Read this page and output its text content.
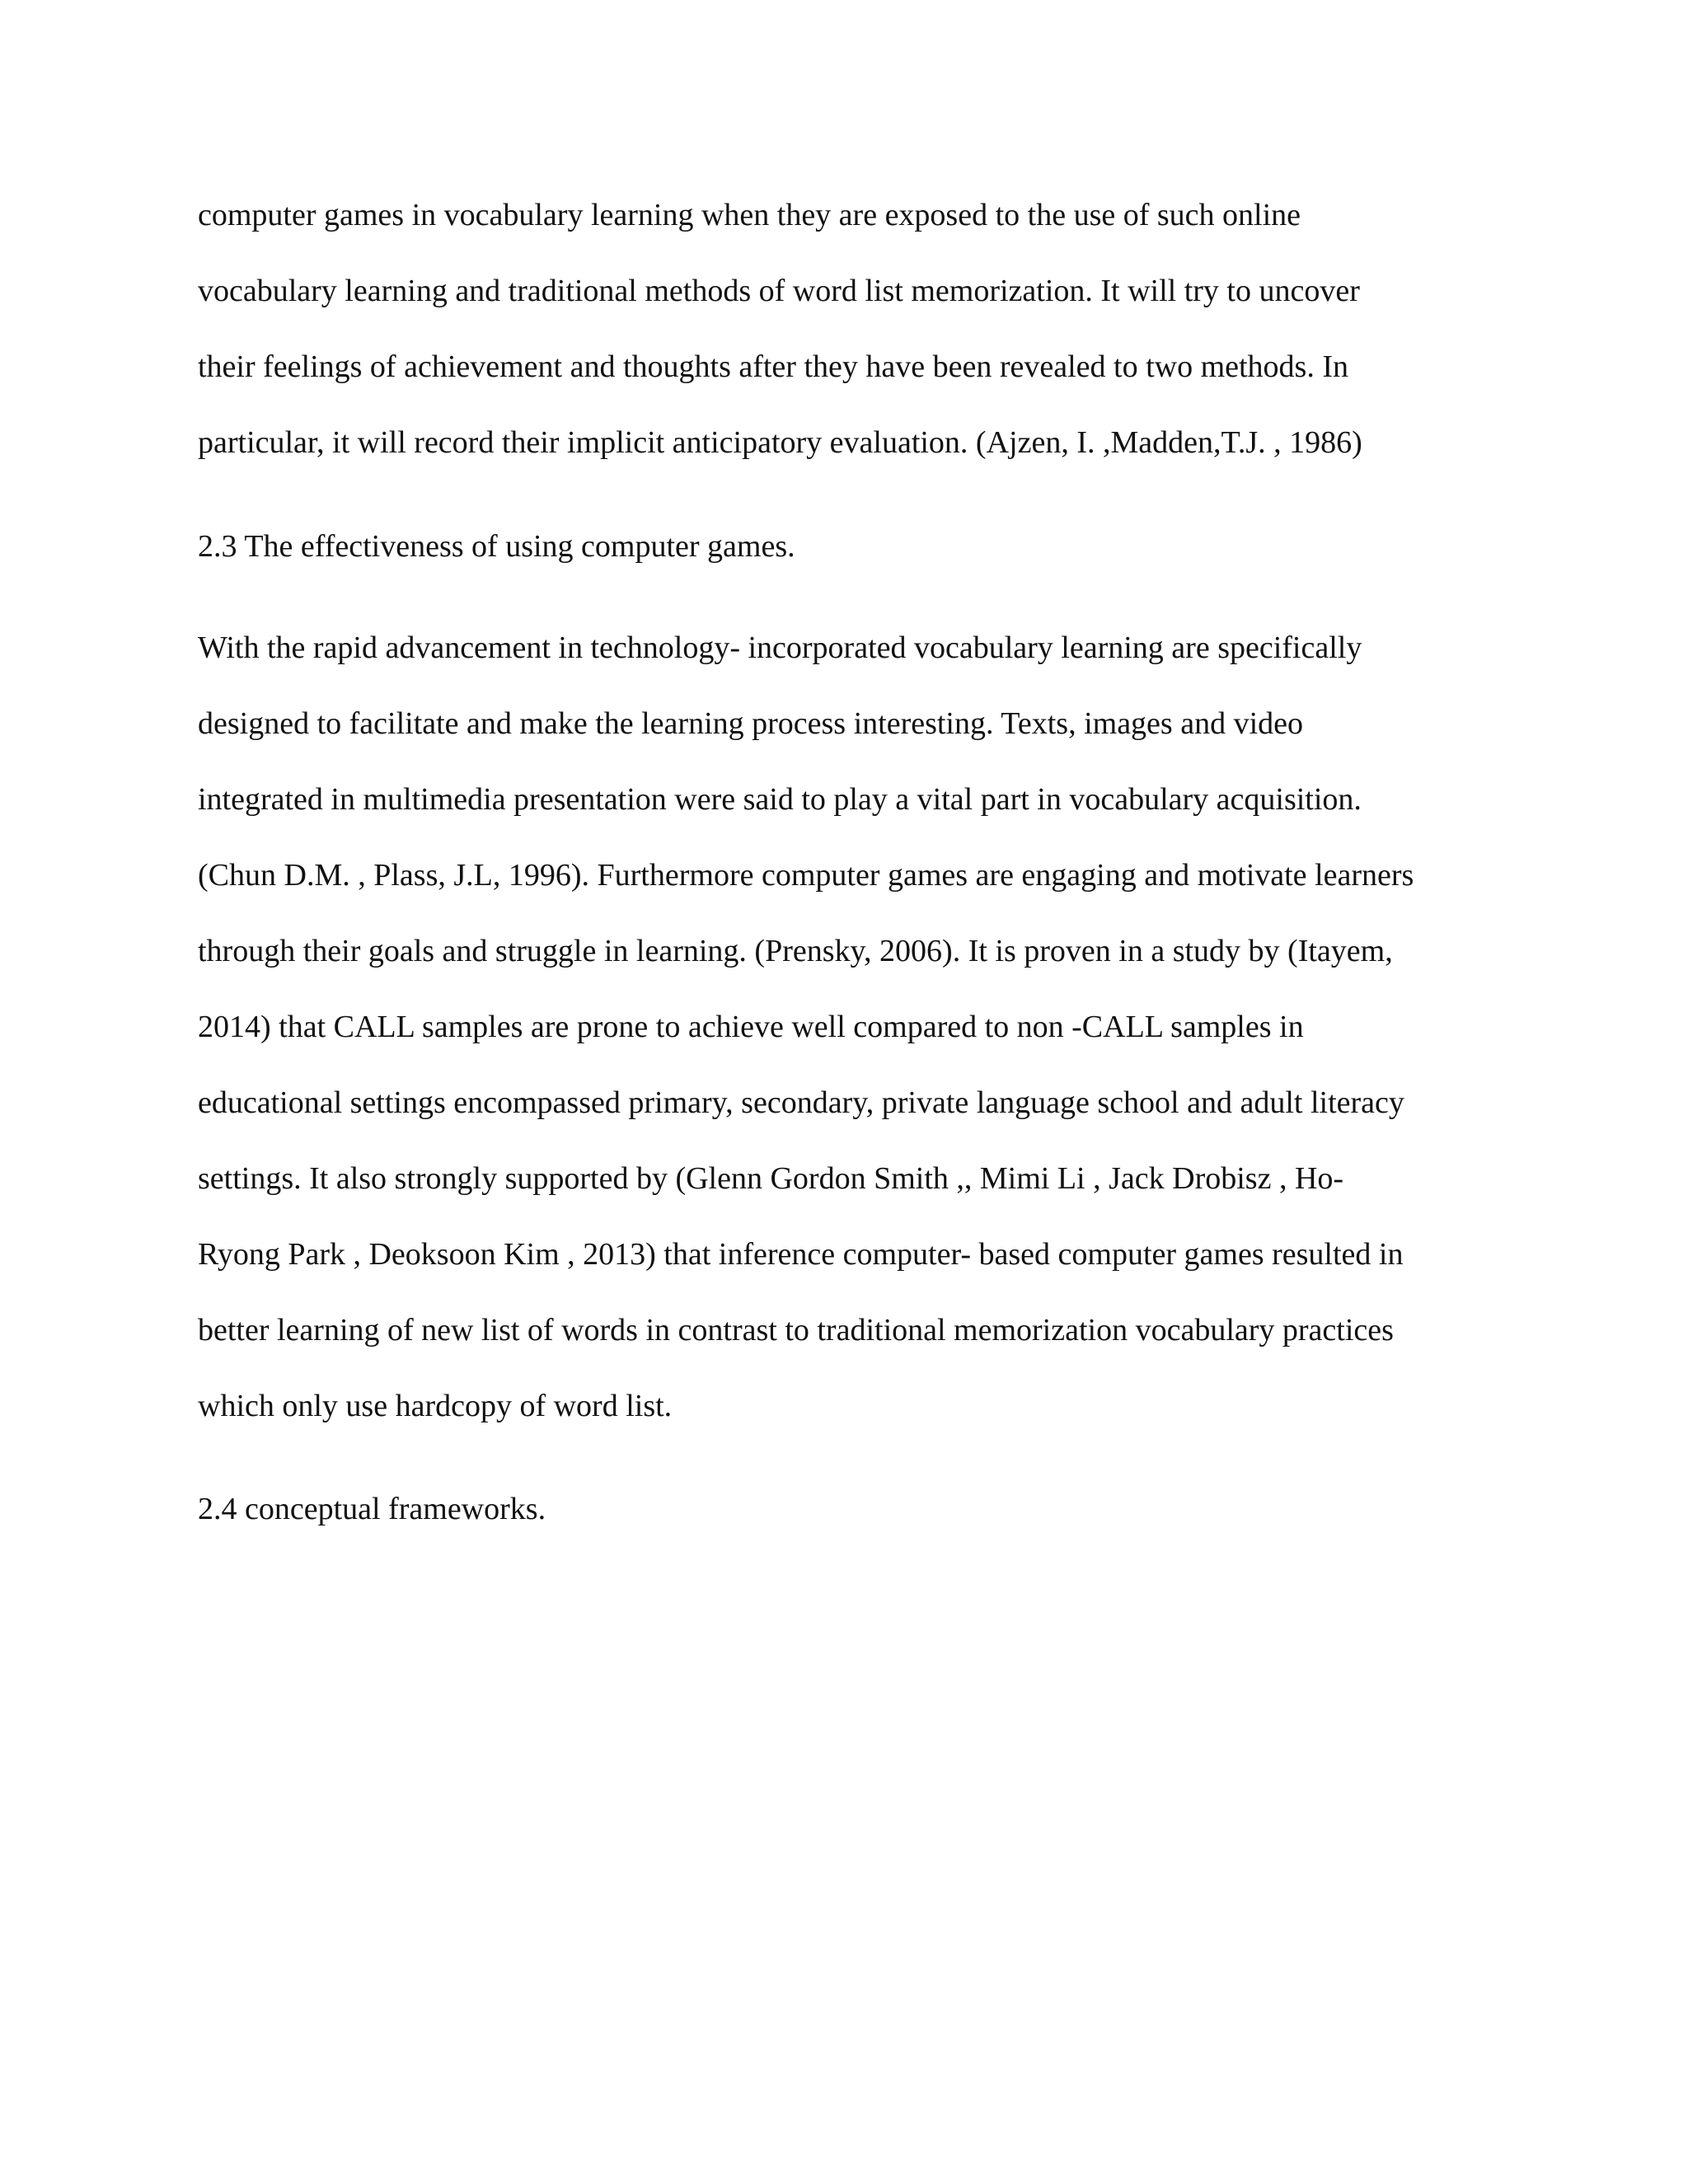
computer games in vocabulary learning when they are exposed to the use of such online
vocabulary learning and traditional methods of word list memorization. It will try to uncover
their feelings of achievement and thoughts after they have been revealed to two methods. In
particular, it will record their implicit anticipatory evaluation. (Ajzen, I. ,Madden,T.J. , 1986)
2.3 The effectiveness of using computer games.
With the rapid advancement in technology- incorporated vocabulary learning are specifically
designed to facilitate and make the learning process interesting. Texts, images and video
integrated in multimedia presentation were said to play a vital part in vocabulary acquisition.
(Chun D.M. , Plass, J.L, 1996). Furthermore computer games are engaging and motivate learners
through their goals and struggle in learning. (Prensky, 2006). It is proven in a study by (Itayem,
2014) that CALL samples are prone to achieve well compared to non -CALL samples in
educational settings encompassed primary, secondary, private language school and adult literacy
settings. It also strongly supported by (Glenn Gordon Smith ,, Mimi Li , Jack Drobisz , Ho-
Ryong Park , Deoksoon Kim , 2013) that inference computer- based computer games resulted in
better learning of new list of words in contrast to traditional memorization vocabulary practices
which only use hardcopy of word list.
2.4 conceptual frameworks.
